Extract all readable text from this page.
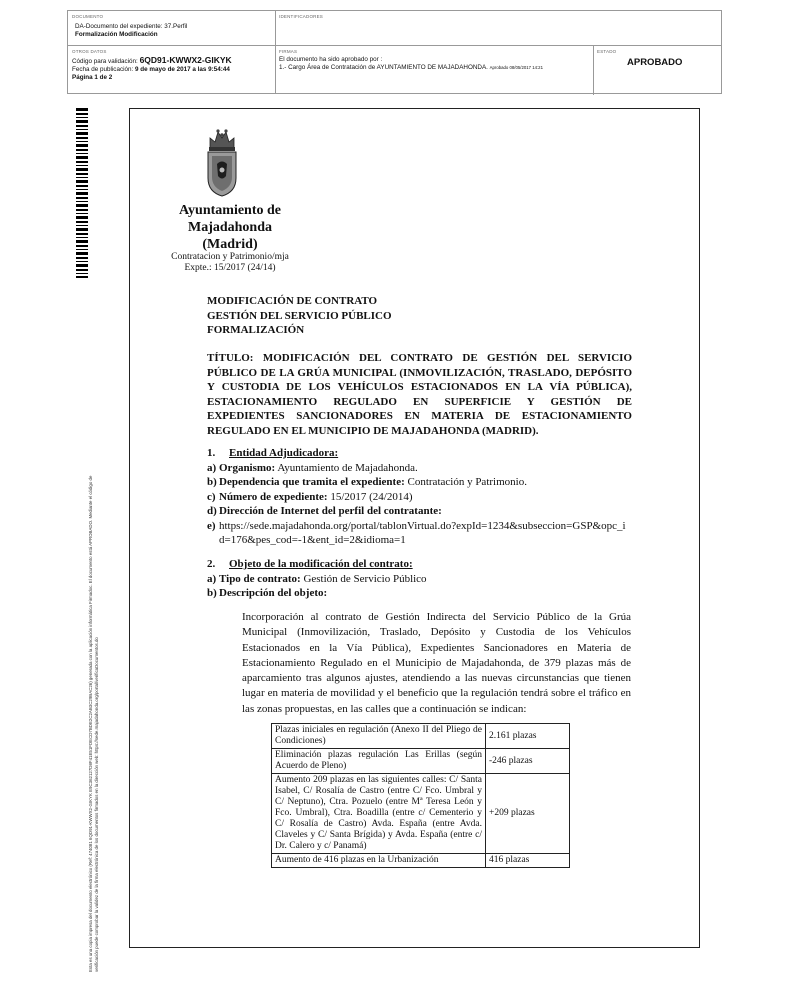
DOCUMENTO
DA-Documento del expediente: 37.Perfil
Formalización Modificación
IDENTIFICADORES
OTROS DATOS
Código para validación: 6QD91-KWWX2-GIKYK
Fecha de publicación: 9 de mayo de 2017 a las 9:54:44
Página 1 de 2
FIRMAS
El documento ha sido aprobado por :
1.- Cargo Área de Contratación de AYUNTAMIENTO DE MAJADAHONDA. Aprobado 08/05/2017 14:21
ESTADO
APROBADO
Esta es una copia impresa del documento electrónico (Ref: 474081 6QD91-KWWX2-GIKYK E9C362127D8F41E51FDECD7BDE2C2AB3C29BAC26) generada con la aplicación informática Firmadoc. El documento está APROBADO. Mediante el código de verificación puede comprobar la validez de la firma electrónica de los documentos firmados en la dirección web: https://sede.majadahonda.org/portal/verificaDocumentos.do
Ayuntamiento de
Majadahonda
(Madrid)
Contratacion y Patrimonio/mja
Expte.: 15/2017 (24/14)
MODIFICACIÓN DE CONTRATO
GESTIÓN DEL SERVICIO PÚBLICO
FORMALIZACIÓN
TÍTULO: MODIFICACIÓN DEL CONTRATO DE GESTIÓN DEL SERVICIO PÚBLICO DE LA GRÚA MUNICIPAL (INMOVILIZACIÓN, TRASLADO, DEPÓSITO Y CUSTODIA DE LOS VEHÍCULOS ESTACIONADOS EN LA VÍA PÚBLICA), ESTACIONAMIENTO REGULADO EN SUPERFICIE Y GESTIÓN DE EXPEDIENTES SANCIONADORES EN MATERIA DE ESTACIONAMIENTO REGULADO EN EL MUNICIPIO DE MAJADAHONDA (MADRID).
1. Entidad Adjudicadora:
a) Organismo: Ayuntamiento de Majadahonda.
b) Dependencia que tramita el expediente: Contratación y Patrimonio.
c) Número de expediente: 15/2017 (24/2014)
d) Dirección de Internet del perfil del contratante:
e) https://sede.majadahonda.org/portal/tablonVirtual.do?expId=1234&subseccion=GSP&opc_id=176&pes_cod=-1&ent_id=2&idioma=1
2. Objeto de la modificación del contrato:
a) Tipo de contrato: Gestión de Servicio Público
b) Descripción del objeto:
Incorporación al contrato de Gestión Indirecta del Servicio Público de la Grúa Municipal (Inmovilización, Traslado, Depósito y Custodia de los Vehículos Estacionados en la Vía Pública), Expedientes Sancionadores en Materia de Estacionamiento Regulado en el Municipio de Majadahonda, de 379 plazas más de aparcamiento tras algunos ajustes, atendiendo a las nuevas circunstancias que tienen lugar en materia de movilidad y el beneficio que la regulación tendrá sobre el tráfico en las zonas propuestas, en las calles que a continuación se indican:
Plazas iniciales en regulación (Anexo II del Pliego de Condiciones)	2.161 plazas
Eliminación plazas regulación Las Erillas (según Acuerdo de Pleno)	-246 plazas
Aumento 209 plazas en las siguientes calles: C/ Santa Isabel, C/ Rosalía de Castro (entre C/ Fco. Umbral y C/ Neptuno), Ctra. Pozuelo (entre Mª Teresa León y Fco. Umbral), Ctra. Boadilla (entre c/ Cementerio y C/ Rosalía de Castro) Avda. España (entre Avda. Claveles y C/ Santa Brígida) y Avda. España (entre c/ Dr. Calero y c/ Panamá)	+209 plazas
Aumento de 416 plazas en la Urbanización	416 plazas
